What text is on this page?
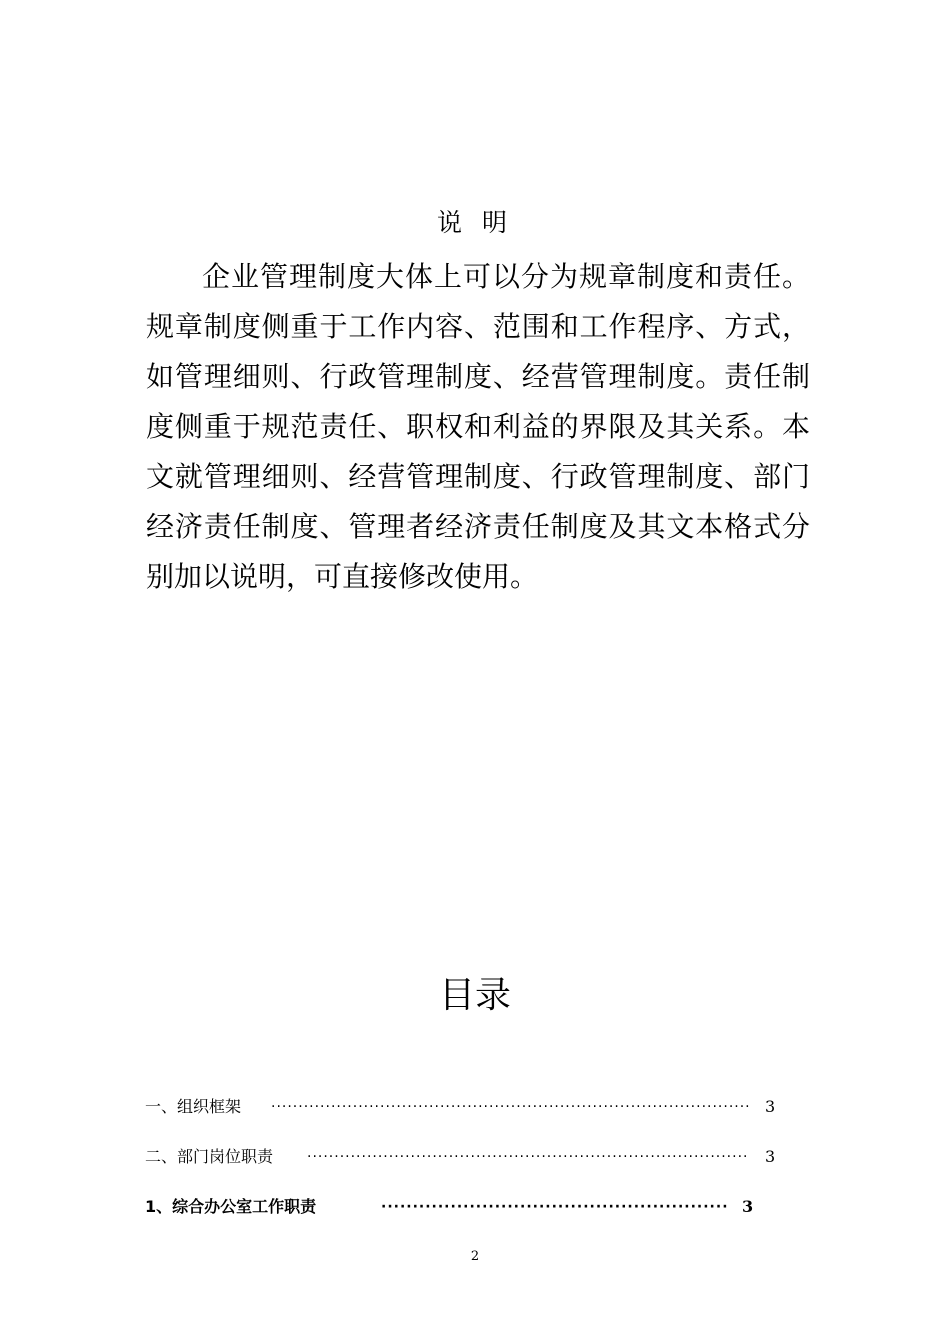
说 明

企业管理制度大体上可以分为规章制度和责任。规章制度侧重于工作内容、范围和工作程序、方式，如管理细则、行政管理制度、经营管理制度。责任制度侧重于规范责任、职权和利益的界限及其关系。本文就管理细则、经营管理制度、行政管理制度、部门经济责任制度、管理者经济责任制度及其文本格式分别加以说明，可直接修改使用。

目录
一、组织框架 ·····	3
二、部门岗位职责 ·····	3
1、综合办公室工作职责 ·····	3
2
